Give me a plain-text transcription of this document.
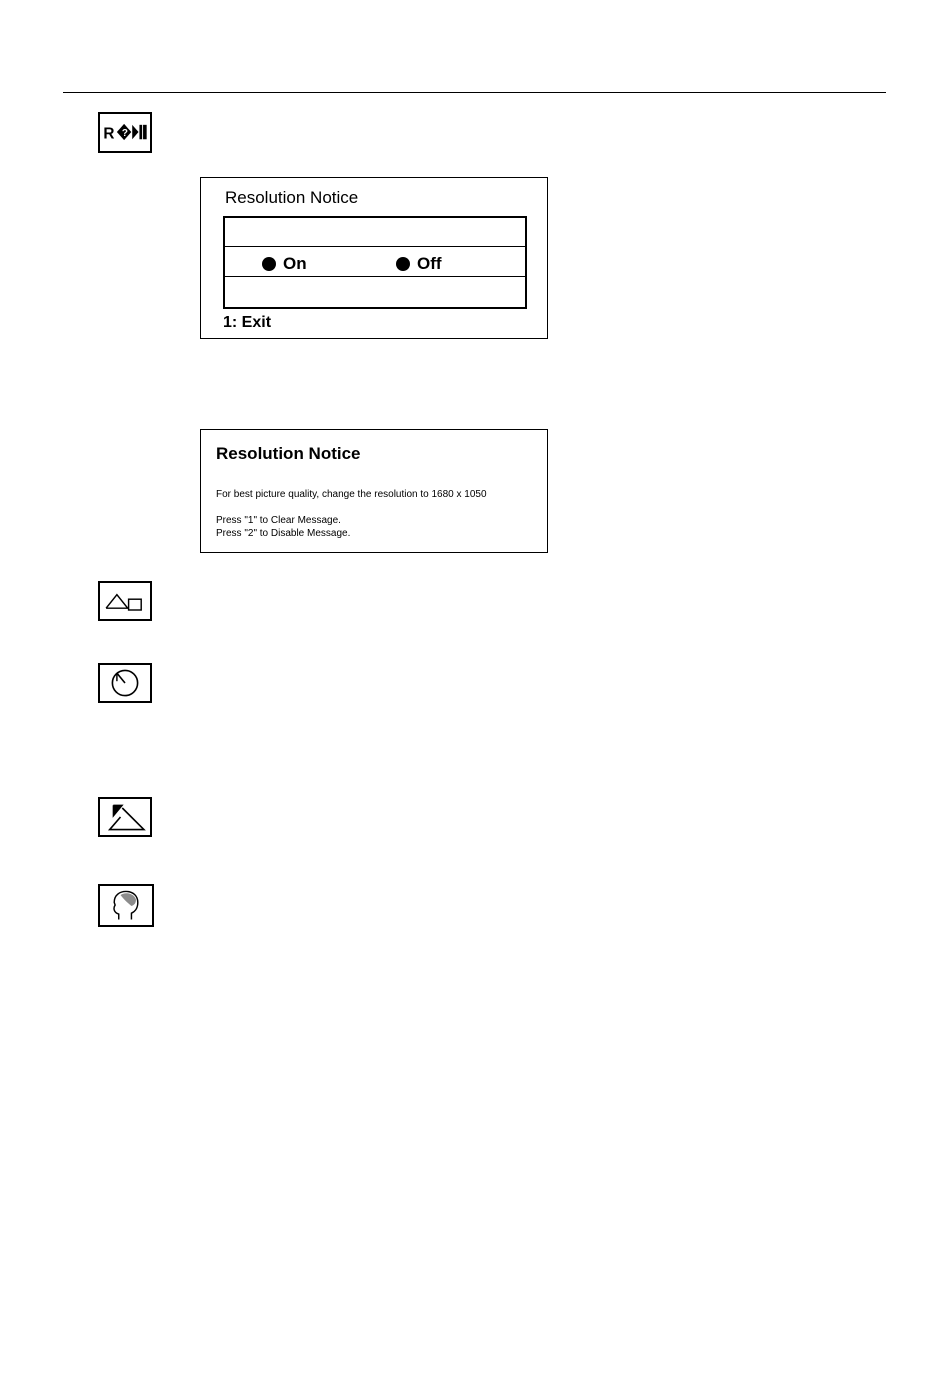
R ?
Resolution Notice
On	Off
1: Exit
Resolution Notice
For best picture quality, change the resolution to 1680 x 1050
Press "1" to Clear Message.
Press "2" to Disable Message.
